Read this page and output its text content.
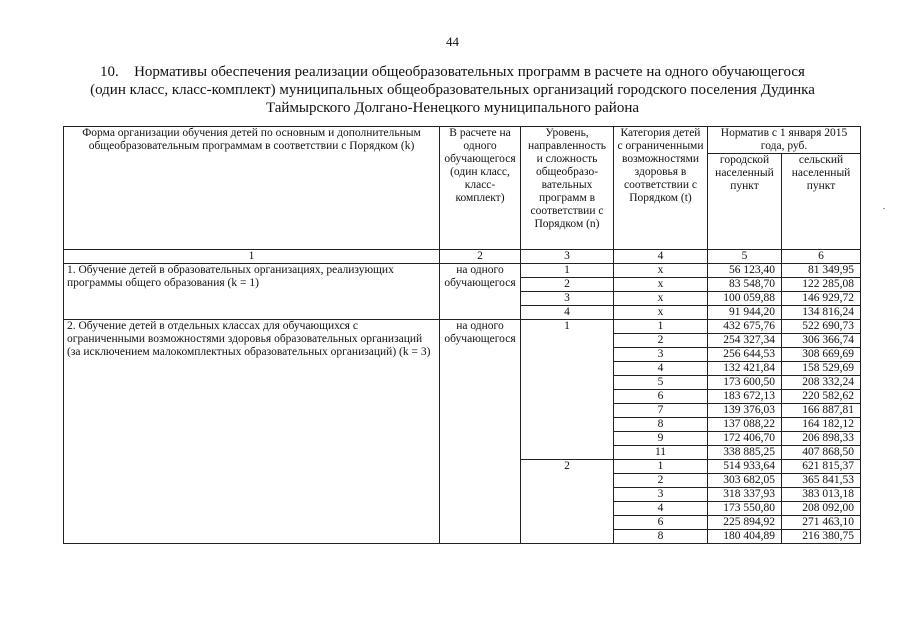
44
10.	Нормативы обеспечения реализации общеобразовательных программ в расчете на одного обучающегося
(один класс, класс-комплект) муниципальных общеобразовательных организаций городского поселения Дудинка
Таймырского Долгано-Ненецкого муниципального района
Форма организации обучения детей по основным и дополнительным
общеобразовательным программам в соответствии с Порядком (k)	В расчете на одного обучающегося (один класс, класс-комплект)	Уровень, направленность и сложность общеобразо-вательных программ в соответствии с Порядком (n)	Категория детей с ограниченными возможностями здоровья в соответствии с Порядком (t)	Норматив с 1 января 2015 года, руб.	
				городской населенный пункт	сельский населенный пункт
1	2	3	4	5	6
1. Обучение детей в образовательных организациях, реализующих программы общего образования (k = 1)	на одного обучающегося	1	x	56 123,40	81 349,95
		2	x	83 548,70	122 285,08
		3	x	100 059,88	146 929,72
		4	x	91 944,20	134 816,24
2. Обучение детей в отдельных классах для обучающихся с ограниченными возможностями здоровья образовательных организаций (за исключением малокомплектных образовательных организаций) (k = 3)	на одного обучающегося	1	1	432 675,76	522 690,73
			2	254 327,34	306 366,74
			3	256 644,53	308 669,69
			4	132 421,84	158 529,69
			5	173 600,50	208 332,24
			6	183 672,13	220 582,62
			7	139 376,03	166 887,81
			8	137 088,22	164 182,12
			9	172 406,70	206 898,33
			11	338 885,25	407 868,50
		2	1	514 933,64	621 815,37
			2	303 682,05	365 841,53
			3	318 337,93	383 013,18
			4	173 550,80	208 092,00
			6	225 894,92	271 463,10
			8	180 404,89	216 380,75
